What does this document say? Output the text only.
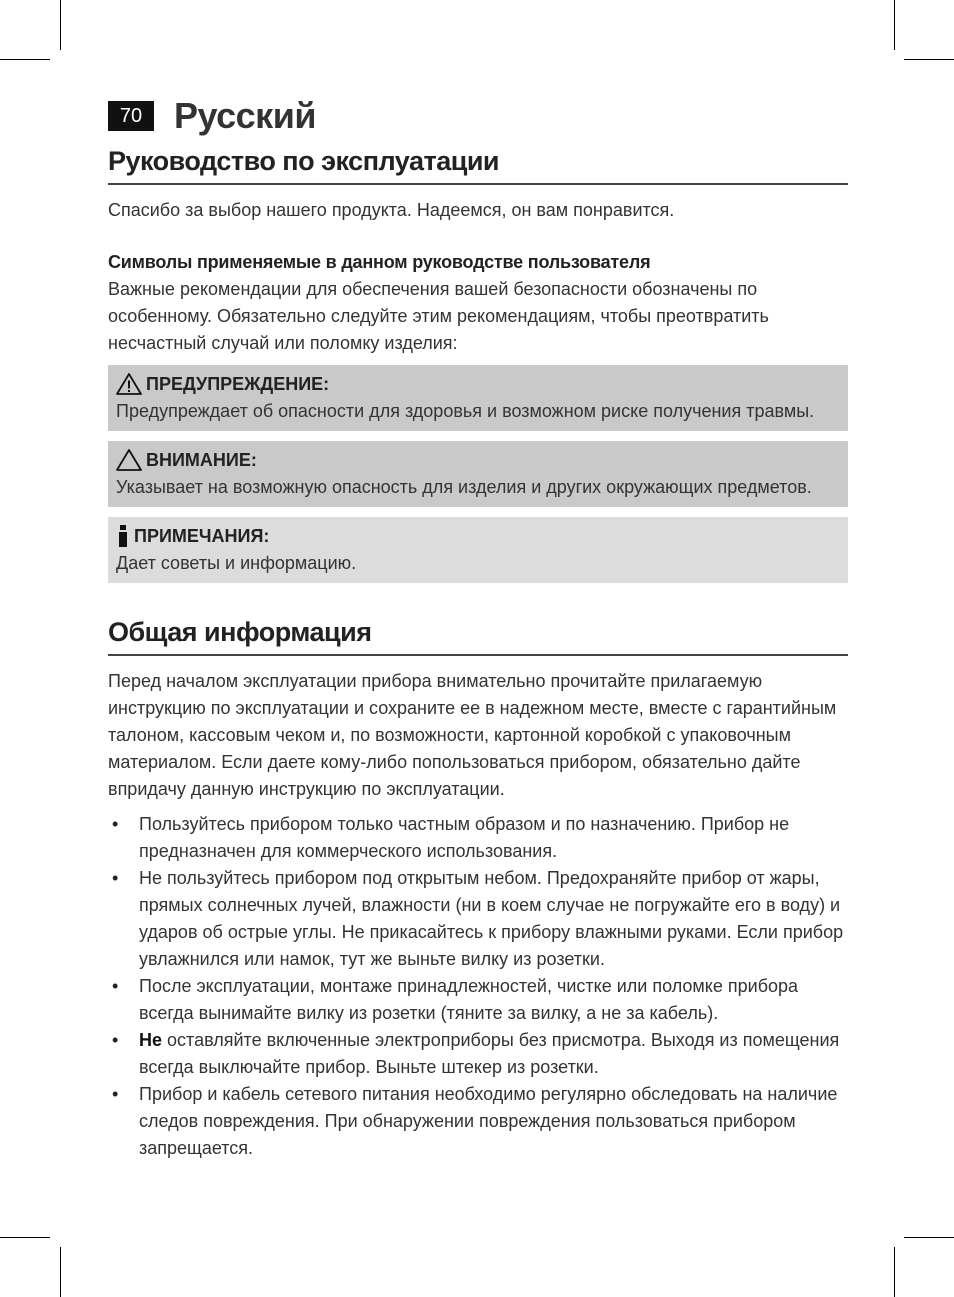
70 Русский
Руководство по эксплуатации

Спасибо за выбор нашего продукта. Надеемся, он вам понравится.

Символы применяемые в данном руководстве пользователя

Важные рекомендации для обеспечения вашей безопасности обозначены по особенному. Обязательно следуйте этим рекомендациям, чтобы преотвратить несчастный случай или поломку изделия:

ПРЕДУПРЕЖДЕНИЕ:

Предупреждает об опасности для здоровья и возможном риске получения травмы.

ВНИМАНИЕ:

Указывает на возможную опасность для изделия и других окружающих предметов.

ПРИМЕЧАНИЯ:

Дает советы и информацию.

Общая информация

Перед началом эксплуатации прибора внимательно прочитайте прилагаемую инструкцию по эксплуатации и сохраните ее в надежном месте, вместе с гарантийным талоном, кассовым чеком и, по возможности, картонной коробкой с упаковочным материалом. Если даете кому-либо попользоваться прибором, обязательно дайте впридачу данную инструкцию по эксплуатации.

• Пользуйтесь прибором только частным образом и по назначению. Прибор не предназначен для коммерческого использования.
• Не пользуйтесь прибором под открытым небом. Предохраняйте прибор от жары, прямых солнечных лучей, влажности (ни в коем случае не погружайте его в воду) и ударов об острые углы. Не прикасайтесь к прибору влажными руками. Если прибор увлажнился или намок, тут же выньте вилку из розетки.
• После эксплуатации, монтаже принадлежностей, чистке или поломке прибора всегда вынимайте вилку из розетки (тяните за вилку, а не за кабель).
• Не оставляйте включенные электроприборы без присмотра. Выходя из помещения всегда выключайте прибор. Выньте штекер из розетки.
• Прибор и кабель сетевого питания необходимо регулярно обследовать на наличие следов повреждения. При обнаружении повреждения пользоваться прибором запрещается.
